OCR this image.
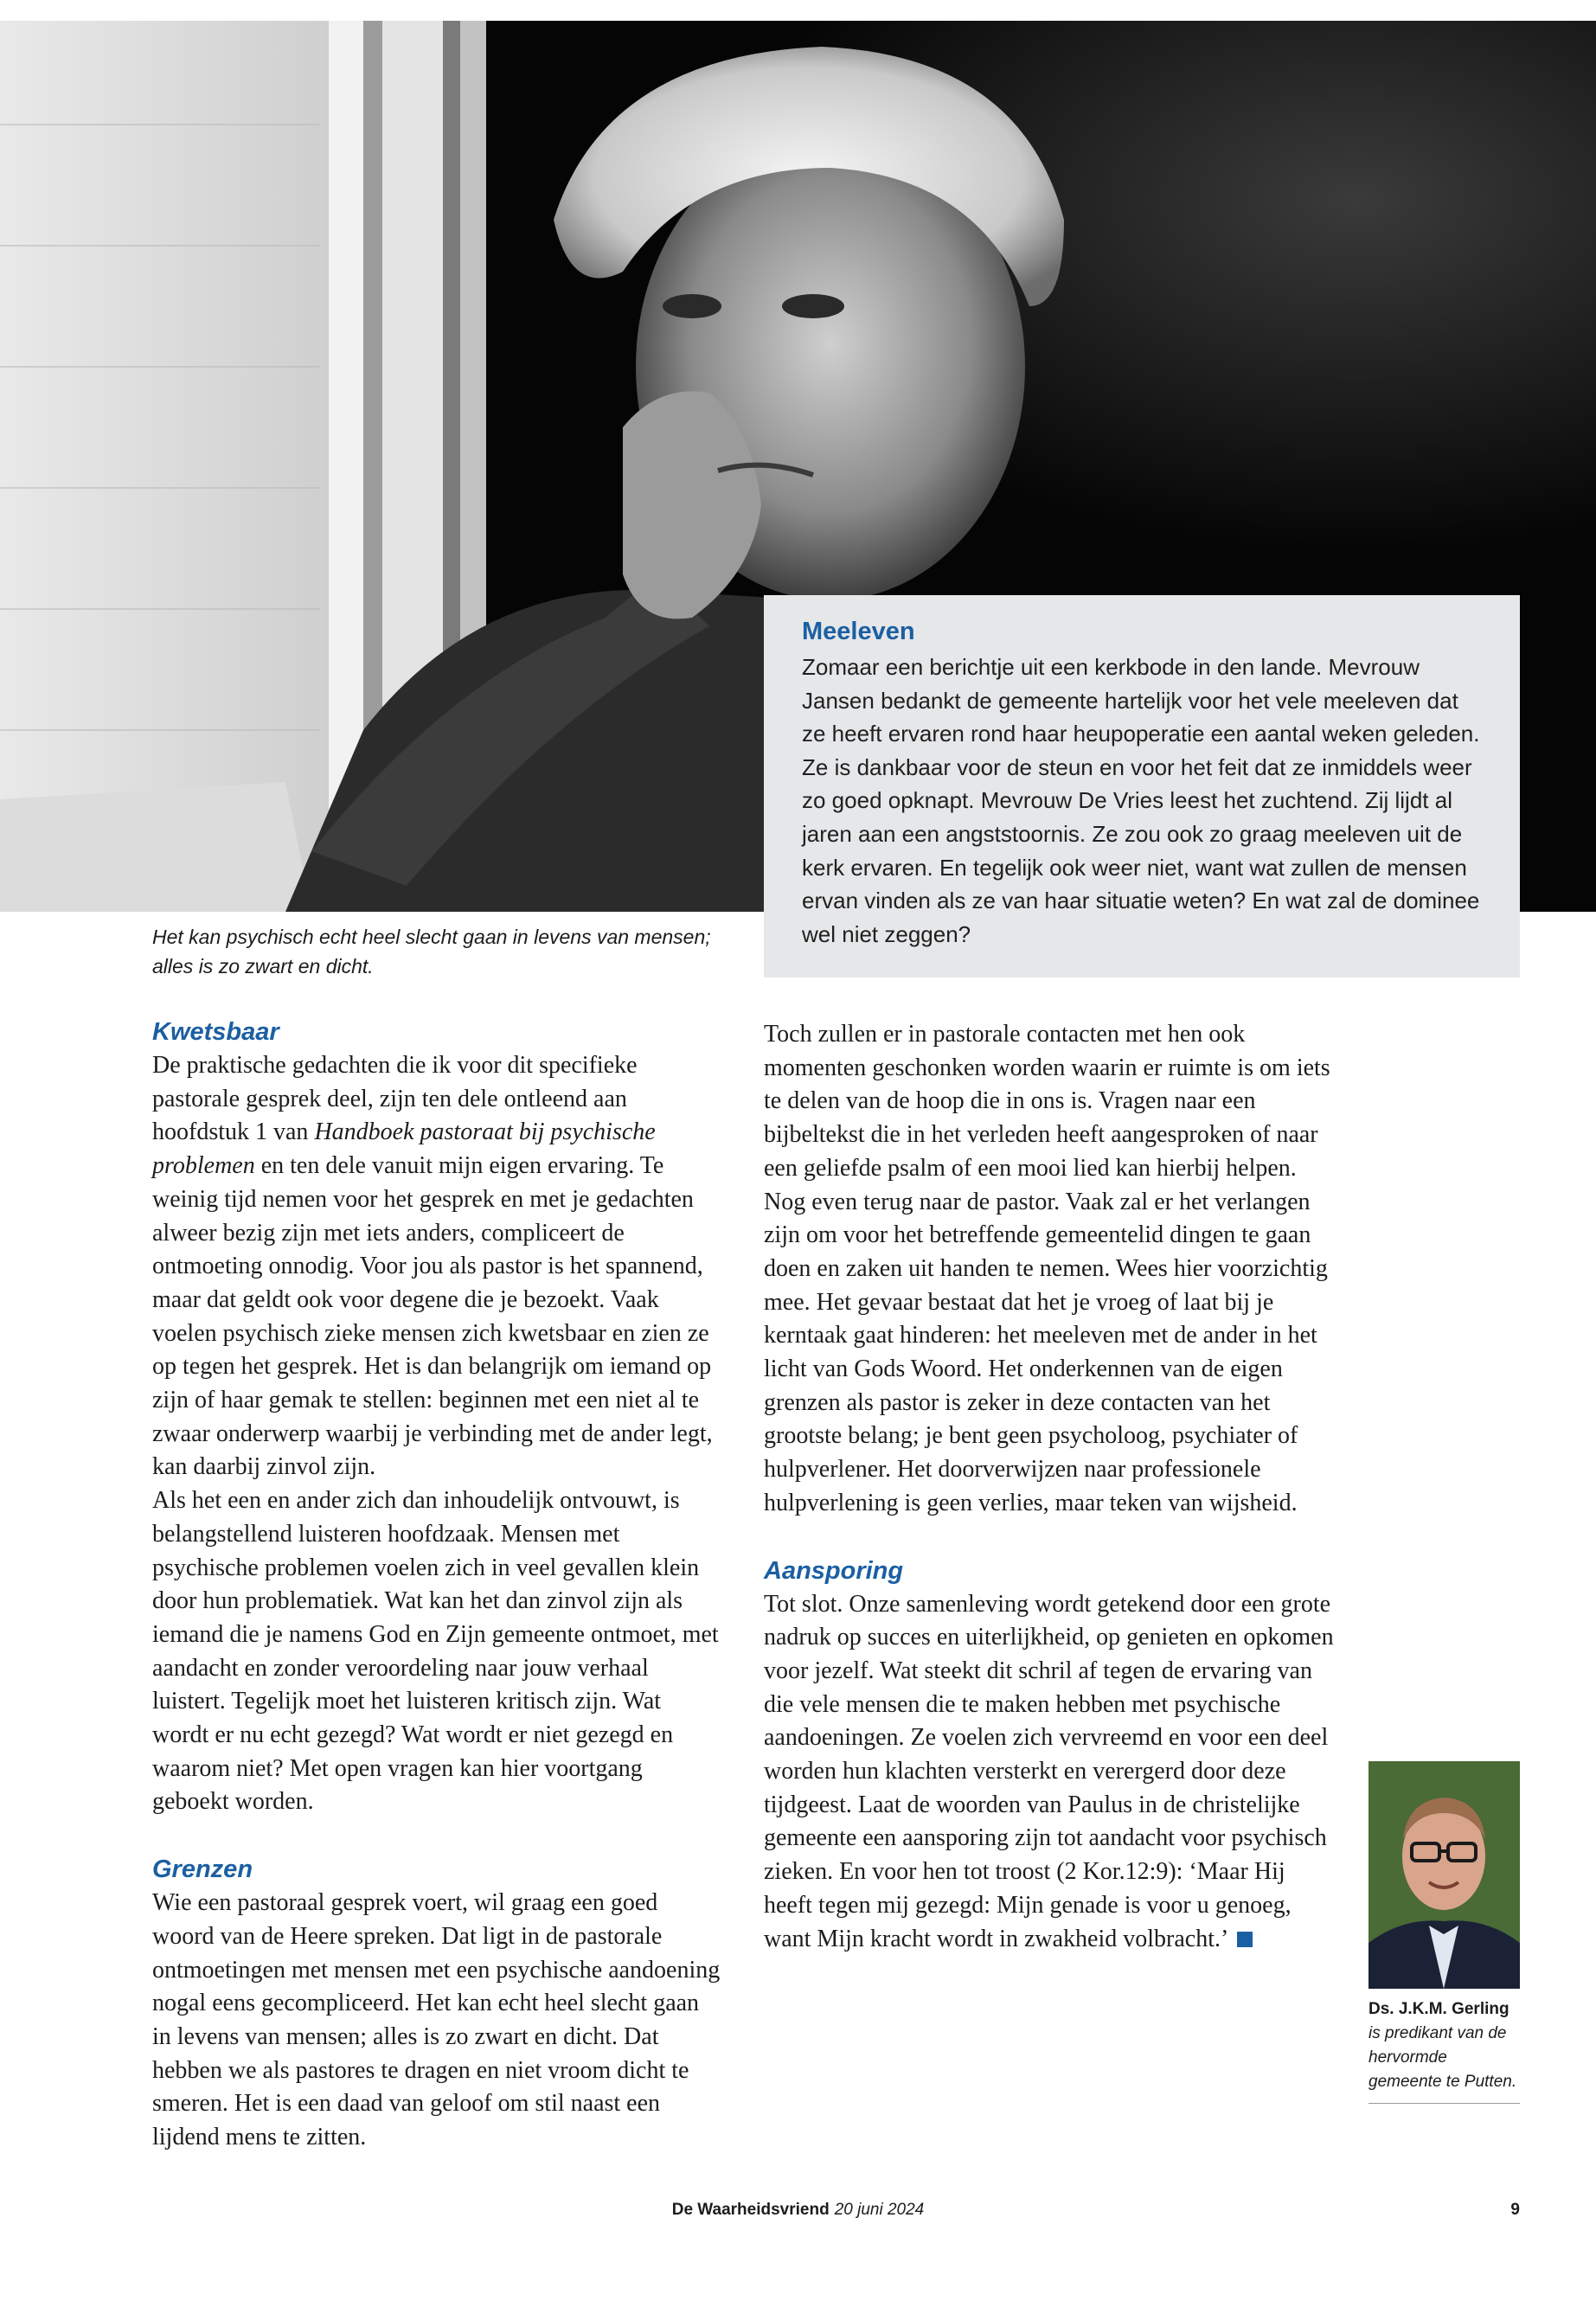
Het kan psychisch echt heel slecht gaan in levens van mensen; alles is zo zwart en dicht.
Meeleven

Zomaar een berichtje uit een kerkbode in den lande. Mevrouw Jansen bedankt de gemeente hartelijk voor het vele meeleven dat ze heeft ervaren rond haar heupoperatie een aantal weken geleden. Ze is dankbaar voor de steun en voor het feit dat ze inmiddels weer zo goed opknapt. Mevrouw De Vries leest het zuchtend. Zij lijdt al jaren aan een angststoornis. Ze zou ook zo graag meeleven uit de kerk ervaren. En tegelijk ook weer niet, want wat zullen de mensen ervan vinden als ze van haar situatie weten? En wat zal de dominee wel niet zeggen?

Kwetsbaar

De praktische gedachten die ik voor dit specifieke pastorale gesprek deel, zijn ten dele ontleend aan hoofdstuk 1 van Handboek pastoraat bij psychische problemen en ten dele vanuit mijn eigen ervaring. Te weinig tijd nemen voor het gesprek en met je gedachten alweer bezig zijn met iets anders, compliceert de ontmoeting onnodig. Voor jou als pastor is het spannend, maar dat geldt ook voor degene die je bezoekt. Vaak voelen psychisch zieke mensen zich kwetsbaar en zien ze op tegen het gesprek. Het is dan belangrijk om iemand op zijn of haar gemak te stellen: beginnen met een niet al te zwaar onderwerp waarbij je verbinding met de ander legt, kan daarbij zinvol zijn.

Als het een en ander zich dan inhoudelijk ontvouwt, is belangstellend luisteren hoofdzaak. Mensen met psychische problemen voelen zich in veel gevallen klein door hun problematiek. Wat kan het dan zinvol zijn als iemand die je namens God en Zijn gemeente ontmoet, met aandacht en zonder veroordeling naar jouw verhaal luistert. Tegelijk moet het luisteren kritisch zijn. Wat wordt er nu echt gezegd? Wat wordt er niet gezegd en waarom niet? Met open vragen kan hier voortgang geboekt worden.

Grenzen

Wie een pastoraal gesprek voert, wil graag een goed woord van de Heere spreken. Dat ligt in de pastorale ontmoetingen met mensen met een psychische aandoening nogal eens gecompliceerd. Het kan echt heel slecht gaan in levens van mensen; alles is zo zwart en dicht. Dat hebben we als pastores te dragen en niet vroom dicht te smeren. Het is een daad van geloof om stil naast een lijdend mens te zitten.

Toch zullen er in pastorale contacten met hen ook momenten geschonken worden waarin er ruimte is om iets te delen van de hoop die in ons is. Vragen naar een bijbeltekst die in het verleden heeft aangesproken of naar een geliefde psalm of een mooi lied kan hierbij helpen.

Nog even terug naar de pastor. Vaak zal er het verlangen zijn om voor het betreffende gemeentelid dingen te gaan doen en zaken uit handen te nemen. Wees hier voorzichtig mee. Het gevaar bestaat dat het je vroeg of laat bij je kerntaak gaat hinderen: het meeleven met de ander in het licht van Gods Woord. Het onderkennen van de eigen grenzen als pastor is zeker in deze contacten van het grootste belang; je bent geen psycholoog, psychiater of hulpverlener. Het doorverwijzen naar professionele hulpverlening is geen verlies, maar teken van wijsheid.

Aansporing

Tot slot. Onze samenleving wordt getekend door een grote nadruk op succes en uiterlijkheid, op genieten en opkomen voor jezelf. Wat steekt dit schril af tegen de ervaring van die vele mensen die te maken hebben met psychische aandoeningen. Ze voelen zich vervreemd en voor een deel worden hun klachten versterkt en verergerd door deze tijdgeest. Laat de woorden van Paulus in de christelijke gemeente een aansporing zijn tot aandacht voor psychisch zieken. En voor hen tot troost (2 Kor.12:9): ‘Maar Hij heeft tegen mij gezegd: Mijn genade is voor u genoeg, want Mijn kracht wordt in zwakheid volbracht.’

Ds. J.K.M. Gerling
is predikant van de hervormde gemeente te Putten.
De Waarheidsvriend 20 juni 2024	9
